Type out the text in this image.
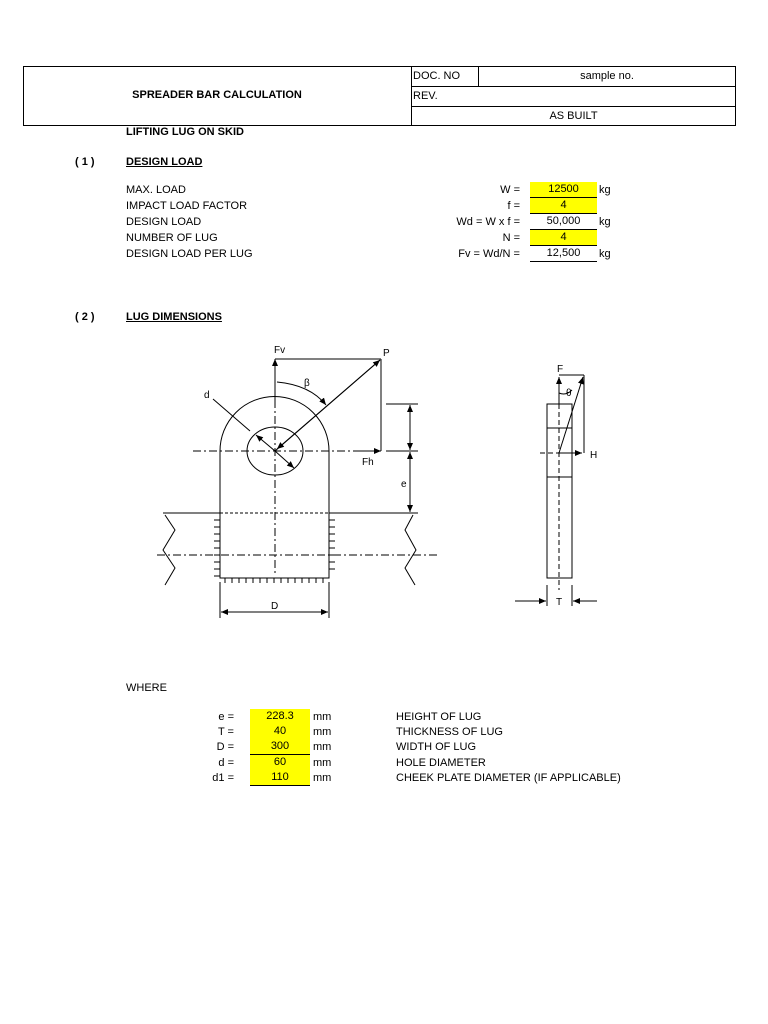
SPREADER BAR CALCULATION
DOC. NO	sample no.
REV.
AS BUILT
LIFTING LUG ON SKID
( 1 )	DESIGN LOAD
MAX. LOAD	W =	12500	kg
IMPACT LOAD FACTOR	f =	4
DESIGN LOAD	Wd = W x f =	50,000	kg
NUMBER OF LUG	N =	4
DESIGN LOAD PER LUG	Fv = Wd/N =	12,500	kg
( 2 )	LUG DIMENSIONS
Fv	P
β
d
Fh
e
D
F
θ
H
T
WHERE
e =	228.3	mm	HEIGHT OF LUG
T =	40	mm	THICKNESS OF LUG
D =	300	mm	WIDTH OF LUG
d =	60	mm	HOLE DIAMETER
d1 =	110	mm	CHEEK PLATE DIAMETER (IF APPLICABLE)
